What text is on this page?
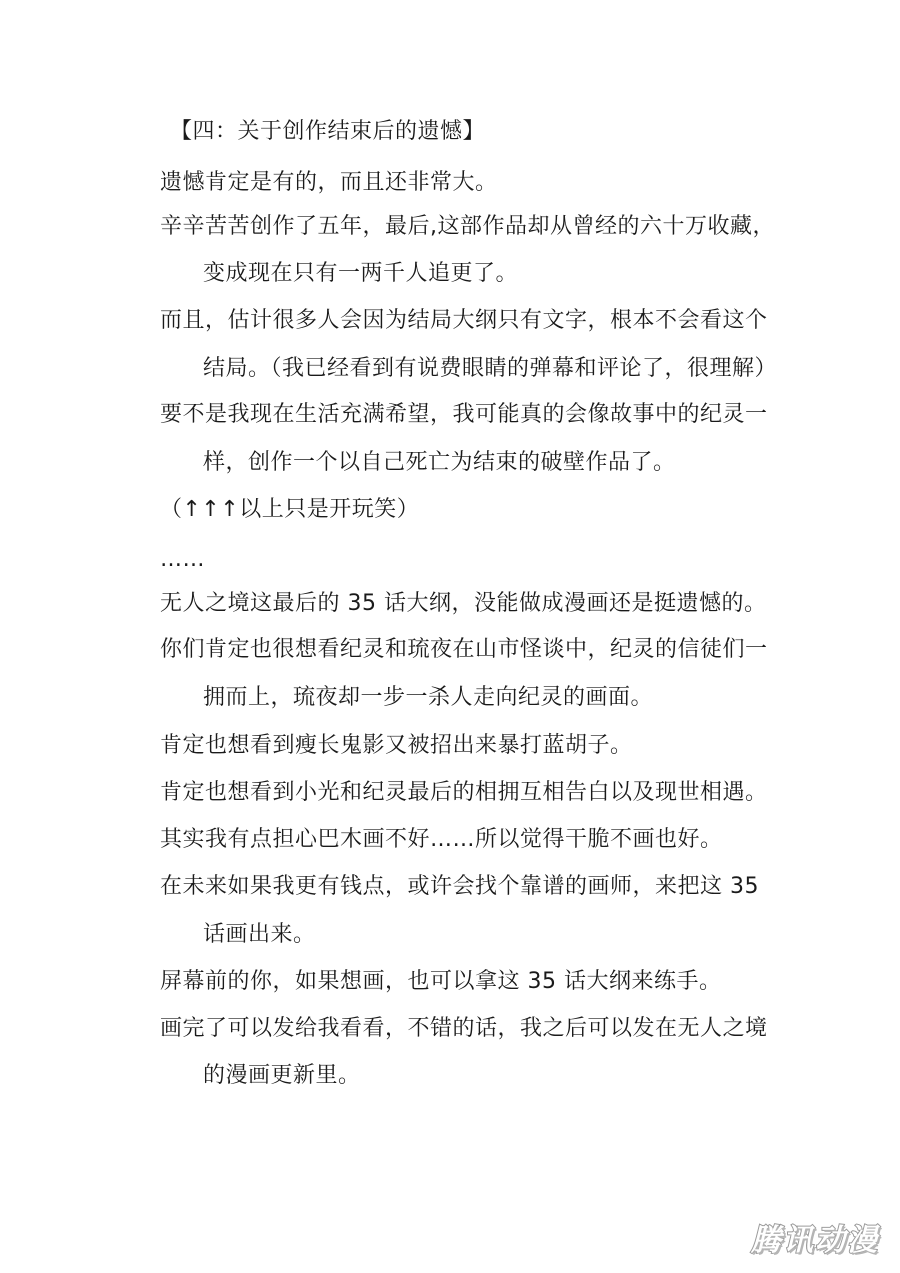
【四：关于创作结束后的遗憾】
遗憾肯定是有的，而且还非常大。
辛辛苦苦创作了五年，最后,这部作品却从曾经的六十万收藏，
变成现在只有一两千人追更了。
而且，估计很多人会因为结局大纲只有文字，根本不会看这个
结局。（我已经看到有说费眼睛的弹幕和评论了，很理解）
要不是我现在生活充满希望，我可能真的会像故事中的纪灵一
样，创作一个以自己死亡为结束的破壁作品了。
（↑↑↑以上只是开玩笑）
……
无人之境这最后的 35 话大纲，没能做成漫画还是挺遗憾的。
你们肯定也很想看纪灵和琉夜在山市怪谈中，纪灵的信徒们一
拥而上，琉夜却一步一杀人走向纪灵的画面。
肯定也想看到瘦长鬼影又被招出来暴打蓝胡子。
肯定也想看到小光和纪灵最后的相拥互相告白以及现世相遇。
其实我有点担心巴木画不好……所以觉得干脆不画也好。
在未来如果我更有钱点，或许会找个靠谱的画师，来把这 35
话画出来。
屏幕前的你，如果想画，也可以拿这 35 话大纲来练手。
画完了可以发给我看看，不错的话，我之后可以发在无人之境
的漫画更新里。
腾讯动漫
